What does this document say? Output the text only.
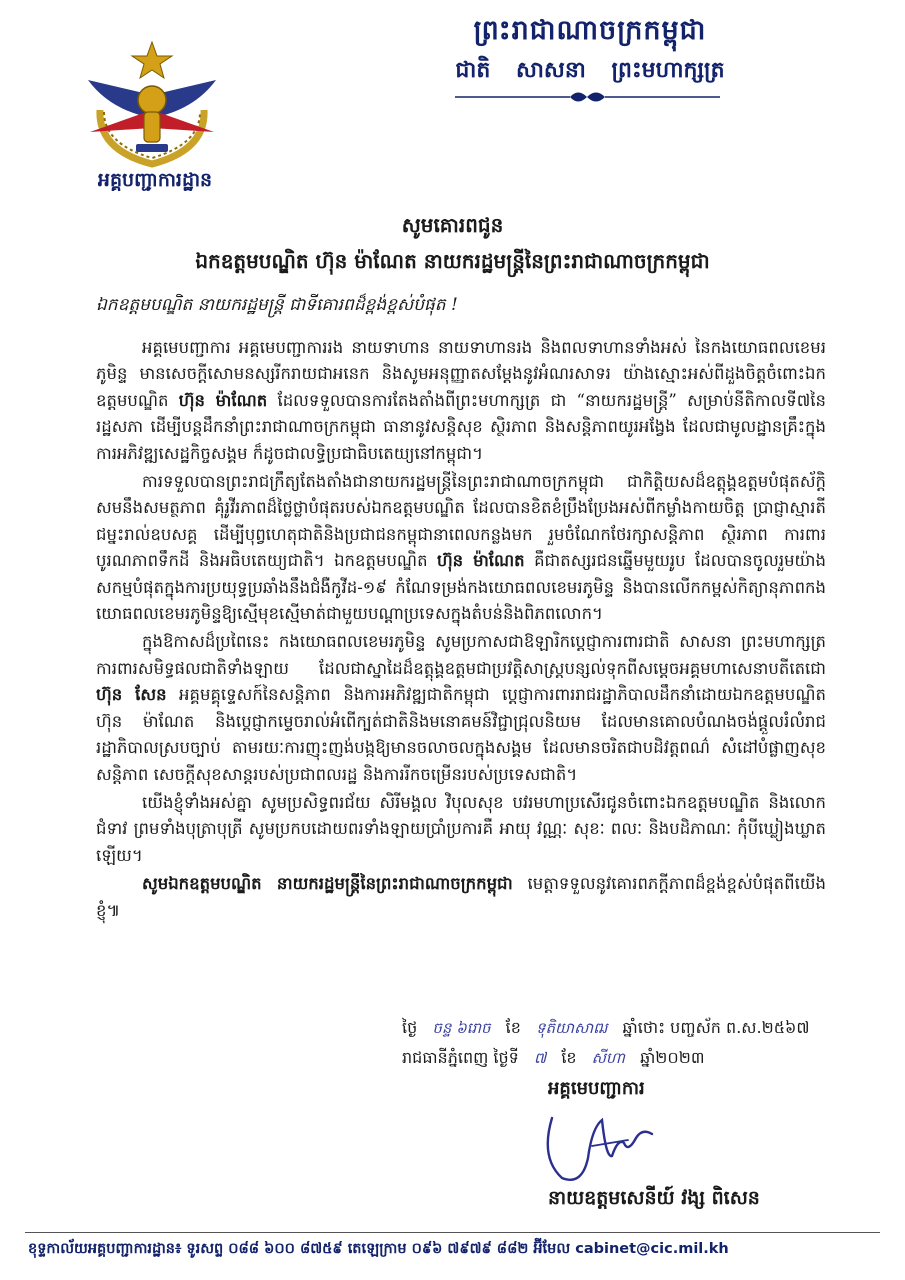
អគ្គបញ្ជាការដ្ឋាន
ព្រះរាជាណាចក្រកម្ពុជា
ជាតិ សាសនា ព្រះមហាក្សត្រ
សូមគោរពជូន
ឯកឧត្តមបណ្ឌិត ហ៊ុន ម៉ាណែត នាយករដ្ឋមន្ត្រីនៃព្រះរាជាណាចក្រកម្ពុជា
ឯកឧត្តមបណ្ឌិត នាយករដ្ឋមន្ត្រី ជាទីគោរពដ៏ខ្ពង់ខ្ពស់បំផុត !

អគ្គមេបញ្ជាការ អគ្គមេបញ្ជាការរង នាយទាហាន នាយទាហានរង និងពលទាហានទាំងអស់ នៃកងយោធពលខេមរភូមិន្ទ មានសេចក្តីសោមនស្សរីករាយជាអនេក និងសូមអនុញ្ញាតសម្តែងនូវអំណរសាទរ យ៉ាងស្មោះអស់ពីដួងចិត្តចំពោះឯកឧត្តមបណ្ឌិត ហ៊ុន ម៉ាណែត ដែលទទួលបានការតែងតាំងពីព្រះមហាក្សត្រ ជា “នាយករដ្ឋមន្ត្រី” សម្រាប់នីតិកាលទី៧នៃរដ្ឋសភា ដើម្បីបន្តដឹកនាំព្រះរាជាណាចក្រកម្ពុជា ធានានូវសន្តិសុខ ស្ថិរភាព និងសន្តិភាពយូរអង្វែង ដែលជាមូលដ្ឋានគ្រឹះក្នុងការអភិវឌ្ឍសេដ្ឋកិច្ចសង្គម ក៏ដូចជាលទ្ធិប្រជាធិបតេយ្យនៅកម្ពុជា។

ការទទួលបានព្រះរាជក្រឹត្យតែងតាំងជានាយករដ្ឋមន្ត្រីនៃព្រះរាជាណាចក្រកម្ពុជា ជាកិត្តិយសដ៏ឧត្តុង្គឧត្តមបំផុតស័ក្តិសមនឹងសមត្ថភាព គុំរូវីរភាពដ៏ថ្លៃថ្លាបំផុតរបស់ឯកឧត្តមបណ្ឌិត ដែលបានខិតខំប្រឹងប្រែងអស់ពីកម្លាំងកាយចិត្ត ប្រាជ្ញាស្មារតី ជម្នះរាល់ឧបសគ្គ ដើម្បីបុព្វហេតុជាតិនិងប្រជាជនកម្ពុជានាពេលកន្លងមក រួមចំណែកថែរក្សាសន្តិភាព ស្ថិរភាព ការពារបូរណភាពទឹកដី និងអធិបតេយ្យជាតិ។ ឯកឧត្តមបណ្ឌិត ហ៊ុន ម៉ាណែត គឺជាតស្សរជនឆ្នើមមួយរូប ដែលបានចូលរួមយ៉ាងសកម្មបំផុតក្នុងការប្រយុទ្ធប្រឆាំងនឹងជំងឺកូវីដ-១៩ កំណែទម្រង់កងយោធពលខេមរភូមិន្ទ និងបានលើកកម្ពស់កិត្យានុភាពកងយោធពលខេមរភូមិន្ទឱ្យស្មើមុខស្មើមាត់ជាមួយបណ្តាប្រទេសក្នុងតំបន់និងពិភពលោក។

ក្នុងឱកាសដ៏ប្រពៃនេះ កងយោធពលខេមរភូមិន្ទ សូមប្រកាសជាឱឡារិកប្តេជ្ញាការពារជាតិ សាសនា ព្រះមហាក្សត្រ ការពារសមិទ្ធផលជាតិទាំងឡាយ ដែលជាស្នាដៃដ៏ឧត្តុង្គឧត្តមជាប្រវត្តិសាស្ត្របន្សល់ទុកពីសម្តេចអគ្គមហាសេនាបតីតេជោ ហ៊ុន សែន អគ្គមគ្គុទ្ទេសក៍នៃសន្តិភាព និងការអភិវឌ្ឍជាតិកម្ពុជា ប្តេជ្ញាការពាររាជរដ្ឋាភិបាលដឹកនាំដោយឯកឧត្តមបណ្ឌិត ហ៊ុន ម៉ាណែត និងប្តេជ្ញាកម្ទេចរាល់អំពើក្បត់ជាតិនិងមនោគមន៍វិជ្ជាជ្រុលនិយម ដែលមានគោលបំណងចង់ផ្តួលរំលំរាជរដ្ឋាភិបាលស្របច្បាប់ តាមរយៈការញុះញង់បង្កឱ្យមានចលាចលក្នុងសង្គម ដែលមានចរិតជាបដិវត្តពណ៌ សំដៅបំផ្លាញសុខសន្តិភាព សេចក្តីសុខសាន្តរបស់ប្រជាពលរដ្ឋ និងការរីកចម្រើនរបស់ប្រទេសជាតិ។

យើងខ្ញុំទាំងអស់គ្នា សូមប្រសិទ្ធពរជ័យ សិរីមង្គល វិបុលសុខ បវរមហាប្រសើរជូនចំពោះឯកឧត្តមបណ្ឌិត និងលោកជំទាវ ព្រមទាំងបុត្រាបុត្រី សូមប្រកបដោយពរទាំងឡាយប្រាំប្រការគឺ អាយុ វណ្ណៈ សុខៈ ពលៈ និងបដិភាណៈ កុំបីឃ្លៀងឃ្លាតឡើយ។

សូមឯកឧត្តមបណ្ឌិត នាយករដ្ឋមន្ត្រីនៃព្រះរាជាណាចក្រកម្ពុជា មេត្តាទទួលនូវគោរពភក្តីភាពដ៏ខ្ពង់ខ្ពស់បំផុតពីយើងខ្ញុំ៕

ថ្ងៃ ចន្ទ ៦រោច ខែ ទុតិយាសាឍ ឆ្នាំថោះ បញ្ចស័ក ព.ស.២៥៦៧
រាជធានីភ្នំពេញ ថ្ងៃទី ៧ ខែ សីហា ឆ្នាំ២០២៣
អគ្គមេបញ្ជាការ
នាយឧត្តមសេនីយ៍ វង្ស ពិសេន
ខុទ្ទកាល័យអគ្គបញ្ជាការដ្ឋាន៖ ទូរសព្ទ ០៨៨ ៦០០ ៨៧៥៩ តេឡេក្រាម ០៩៦ ៧៩៧៩ ៨៨២ អ៊ីមែល cabinet@cic.mil.kh
